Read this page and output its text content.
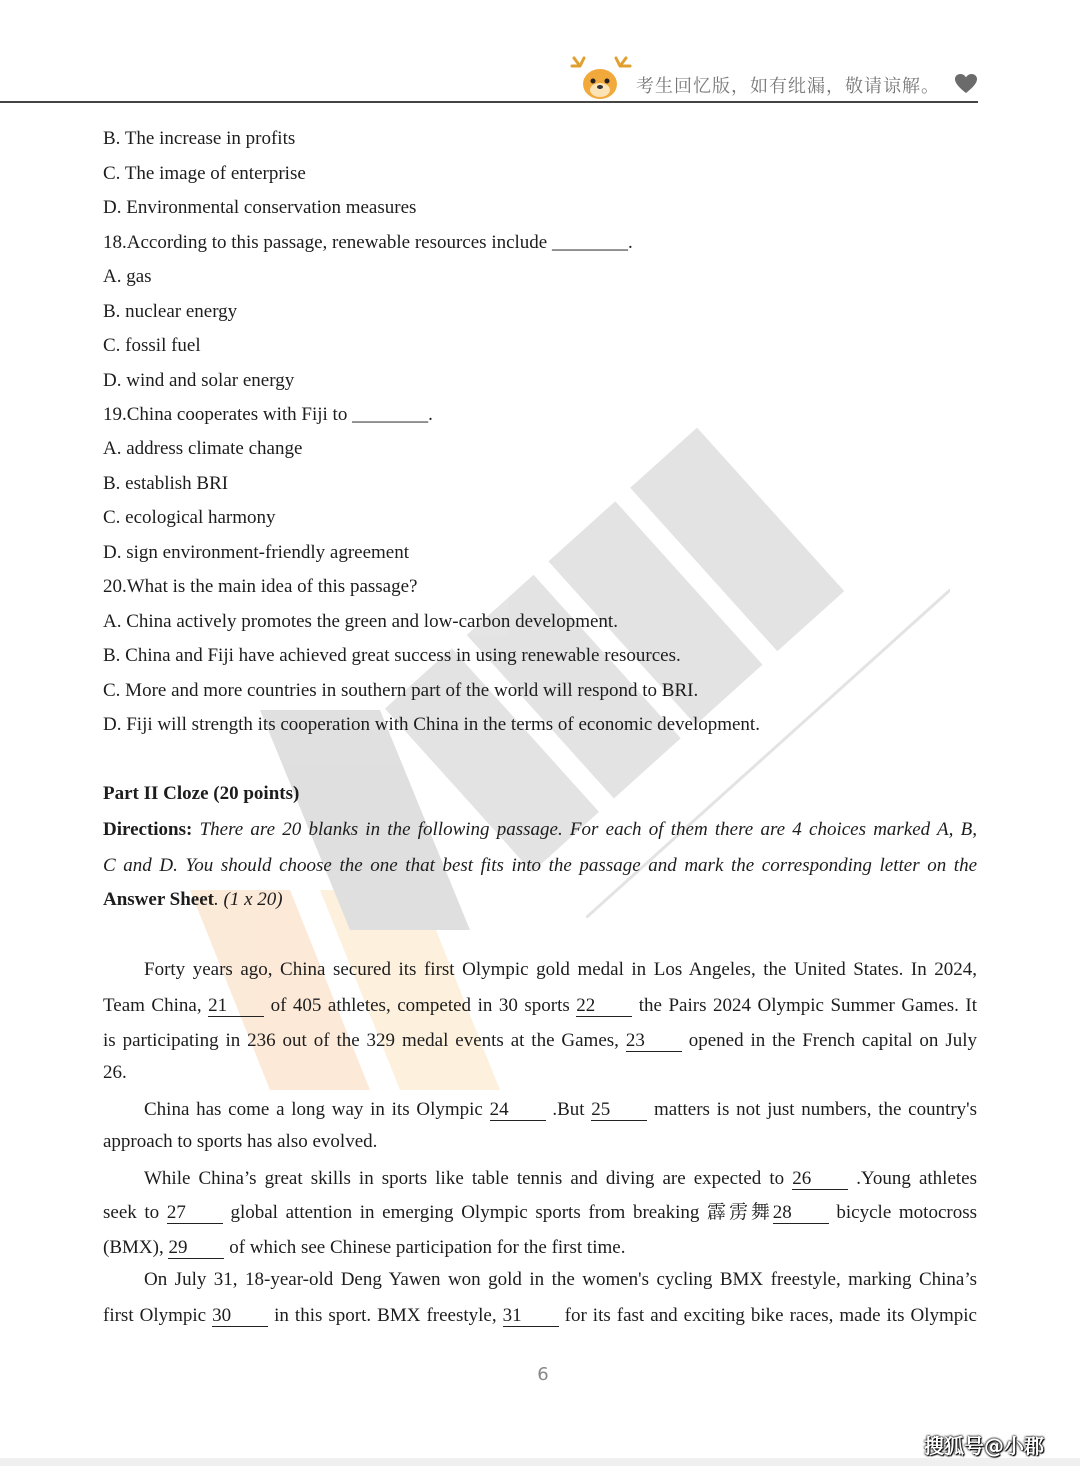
考生回忆版，如有纰漏，敬请谅解。
B. The increase in profits
C. The image of enterprise
D. Environmental conservation measures
18.According to this passage, renewable resources include ________.
A. gas
B. nuclear energy
C. fossil fuel
D. wind and solar energy
19.China cooperates with Fiji to ________.
A. address climate change
B. establish BRI
C. ecological harmony
D. sign environment-friendly agreement
20.What is the main idea of this passage?
A. China actively promotes the green and low-carbon development.
B. China and Fiji have achieved great success in using renewable resources.
C. More and more countries in southern part of the world will respond to BRI.
D. Fiji will strength its cooperation with China in the terms of economic development.
Part II Cloze (20 points)
Directions: There are 20 blanks in the following passage. For each of them there are 4 choices marked A, B,
C and D. You should choose the one that best fits into the passage and mark the corresponding letter on the
Answer Sheet. (1 x 20)
Forty years ago, China secured its first Olympic gold medal in Los Angeles, the United States. In 2024,
Team China, 21 of 405 athletes, competed in 30 sports 22 the Pairs 2024 Olympic Summer Games. It
is participating in 236 out of the 329 medal events at the Games, 23 opened in the French capital on July
26.
China has come a long way in its Olympic 24 .But 25 matters is not just numbers, the country's
approach to sports has also evolved.
While China’s great skills in sports like table tennis and diving are expected to 26 .Young athletes
seek to 27 global attention in emerging Olympic sports from breaking 霹雳舞28 bicycle motocross
(BMX), 29 of which see Chinese participation for the first time.
On July 31, 18-year-old Deng Yawen won gold in the women's cycling BMX freestyle, marking China’s
first Olympic 30 in this sport. BMX freestyle, 31 for its fast and exciting bike races, made its Olympic
6
搜狐号@小郡
